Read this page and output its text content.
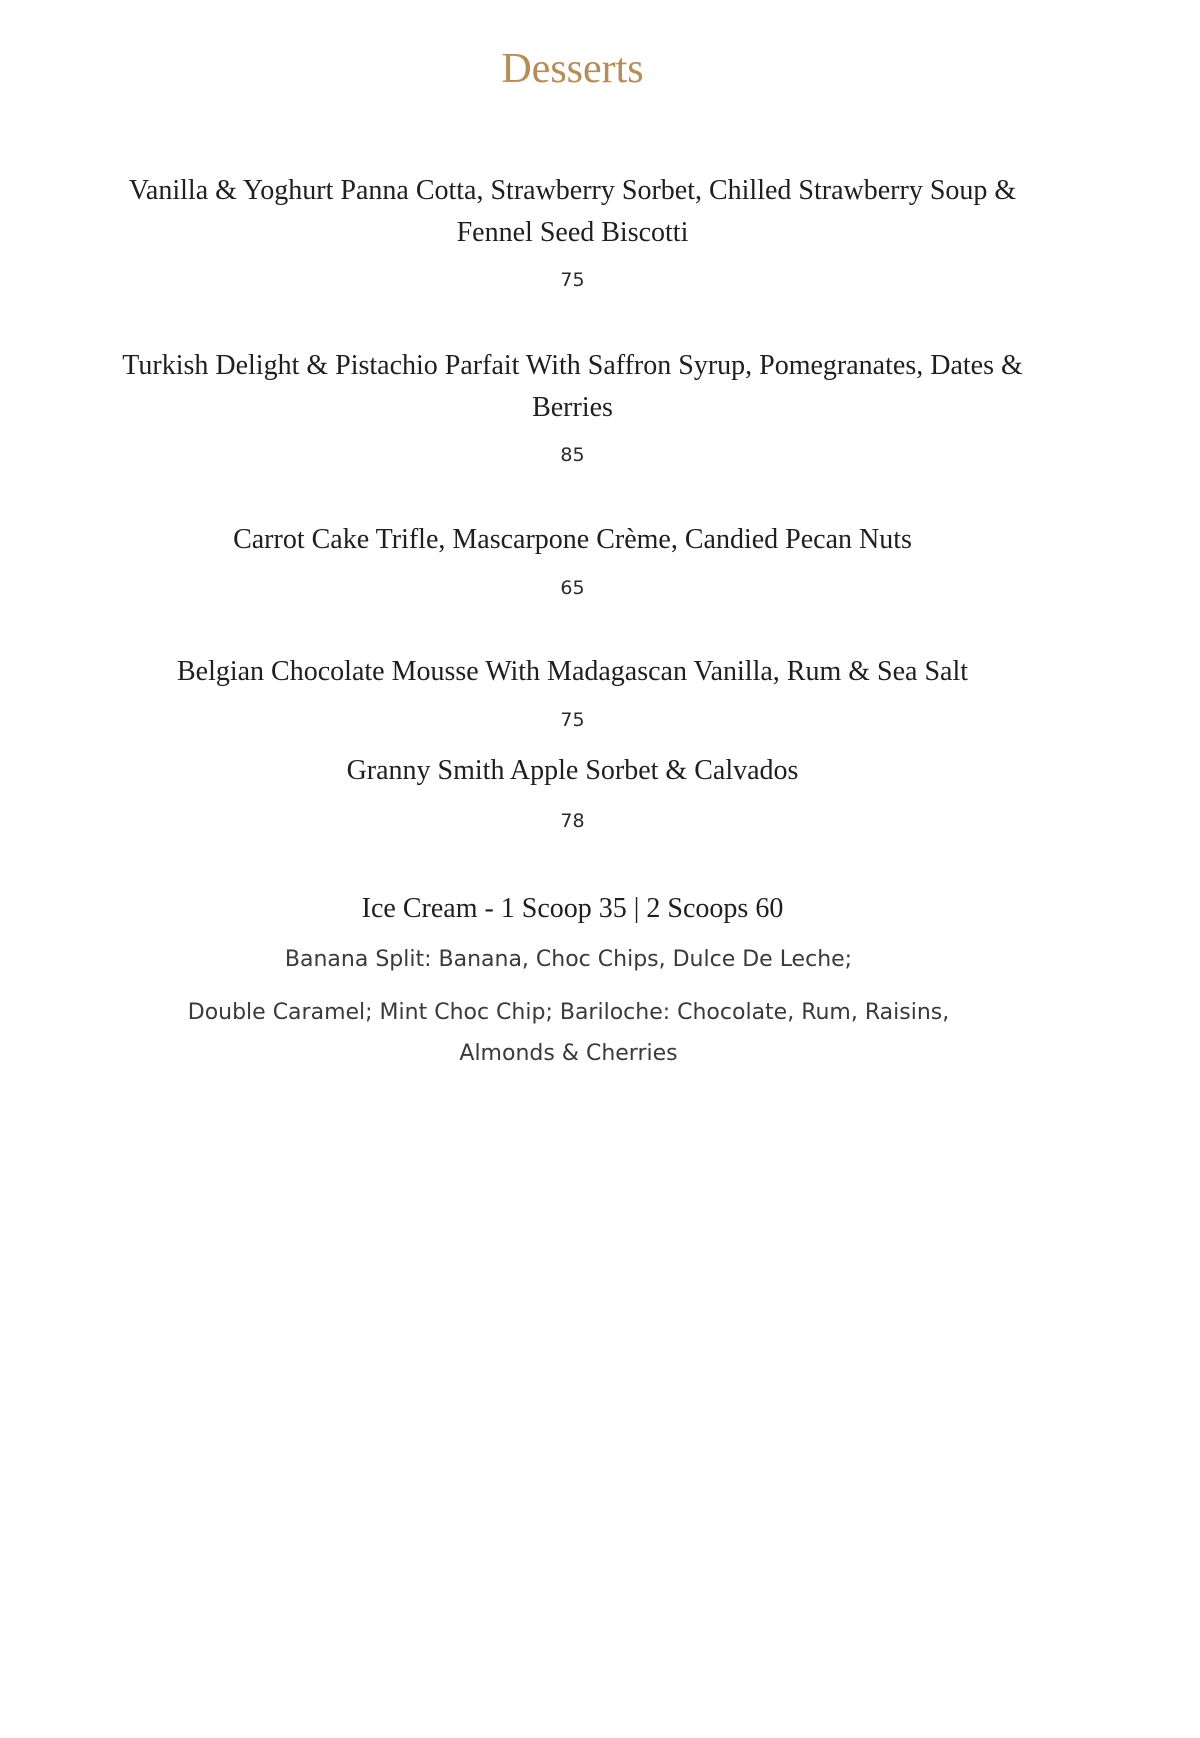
Desserts

Vanilla & Yoghurt Panna Cotta, Strawberry Sorbet, Chilled Strawberry Soup & Fennel Seed Biscotti

75

Turkish Delight & Pistachio Parfait With Saffron Syrup, Pomegranates, Dates & Berries

85

Carrot Cake Trifle, Mascarpone Crème, Candied Pecan Nuts

65

Belgian Chocolate Mousse With Madagascan Vanilla, Rum & Sea Salt

75

Granny Smith Apple Sorbet & Calvados

78

Ice Cream - 1 Scoop 35 | 2 Scoops 60

Banana Split: Banana, Choc Chips, Dulce De Leche;

Double Caramel; Mint Choc Chip; Bariloche: Chocolate, Rum, Raisins, Almonds & Cherries
